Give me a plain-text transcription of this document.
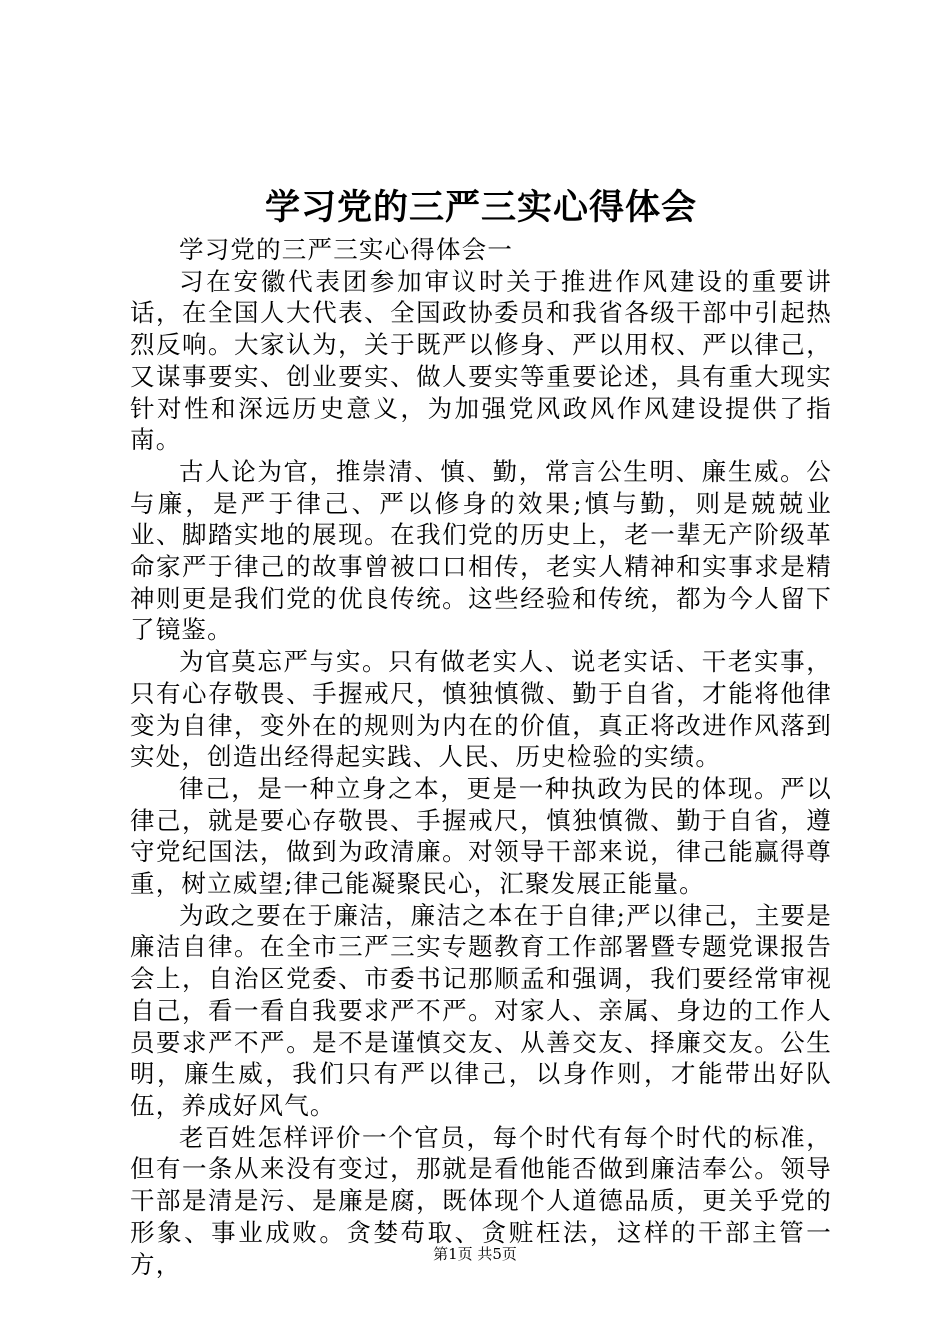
学习党的三严三实心得体会

学习党的三严三实心得体会一

习在安徽代表团参加审议时关于推进作风建设的重要讲话，在全国人大代表、全国政协委员和我省各级干部中引起热烈反响。大家认为，关于既严以修身、严以用权、严以律己，又谋事要实、创业要实、做人要实等重要论述，具有重大现实针对性和深远历史意义，为加强党风政风作风建设提供了指南。

古人论为官，推崇清、慎、勤，常言公生明、廉生威。公与廉，是严于律己、严以修身的效果;慎与勤，则是兢兢业业、脚踏实地的展现。在我们党的历史上，老一辈无产阶级革命家严于律己的故事曾被口口相传，老实人精神和实事求是精神则更是我们党的优良传统。这些经验和传统，都为今人留下了镜鉴。

为官莫忘严与实。只有做老实人、说老实话、干老实事，只有心存敬畏、手握戒尺，慎独慎微、勤于自省，才能将他律变为自律，变外在的规则为内在的价值，真正将改进作风落到实处，创造出经得起实践、人民、历史检验的实绩。

律己，是一种立身之本，更是一种执政为民的体现。严以律己，就是要心存敬畏、手握戒尺，慎独慎微、勤于自省，遵守党纪国法，做到为政清廉。对领导干部来说，律己能赢得尊重，树立威望;律己能凝聚民心，汇聚发展正能量。

为政之要在于廉洁，廉洁之本在于自律;严以律己，主要是廉洁自律。在全市三严三实专题教育工作部署暨专题党课报告会上，自治区党委、市委书记那顺孟和强调，我们要经常审视自己，看一看自我要求严不严。对家人、亲属、身边的工作人员要求严不严。是不是谨慎交友、从善交友、择廉交友。公生明，廉生威，我们只有严以律己，以身作则，才能带出好队伍，养成好风气。

老百姓怎样评价一个官员，每个时代有每个时代的标准，但有一条从来没有变过，那就是看他能否做到廉洁奉公。领导干部是清是污、是廉是腐，既体现个人道德品质，更关乎党的形象、事业成败。贪婪苟取、贪赃枉法，这样的干部主管一方，	第1页 共5页
